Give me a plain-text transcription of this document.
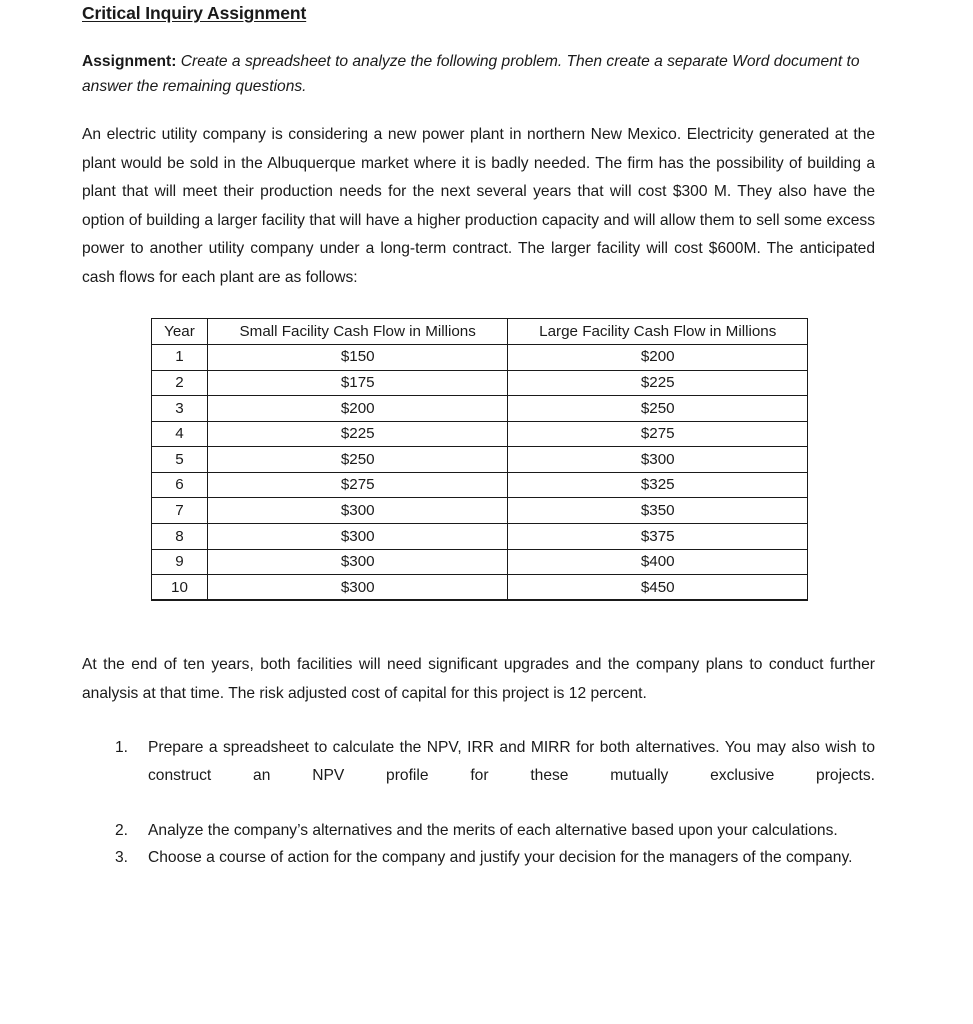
Critical Inquiry Assignment

Assignment: Create a spreadsheet to analyze the following problem. Then create a separate Word document to answer the remaining questions.

An electric utility company is considering a new power plant in northern New Mexico. Electricity generated at the plant would be sold in the Albuquerque market where it is badly needed. The firm has the possibility of building a plant that will meet their production needs for the next several years that will cost $300 M. They also have the option of building a larger facility that will have a higher production capacity and will allow them to sell some excess power to another utility company under a long-term contract. The larger facility will cost $600M. The anticipated cash flows for each plant are as follows:

Year	Small Facility Cash Flow in Millions	Large Facility Cash Flow in Millions
1	$150	$200
2	$175	$225
3	$200	$250
4	$225	$275
5	$250	$300
6	$275	$325
7	$300	$350
8	$300	$375
9	$300	$400
10	$300	$450

At the end of ten years, both facilities will need significant upgrades and the company plans to conduct further analysis at that time. The risk adjusted cost of capital for this project is 12 percent.

1.	Prepare a spreadsheet to calculate the NPV, IRR and MIRR for both alternatives. You may also wish to construct an NPV profile for these mutually exclusive projects.
2.	Analyze the company’s alternatives and the merits of each alternative based upon your calculations.
3.	Choose a course of action for the company and justify your decision for the managers of the company.
